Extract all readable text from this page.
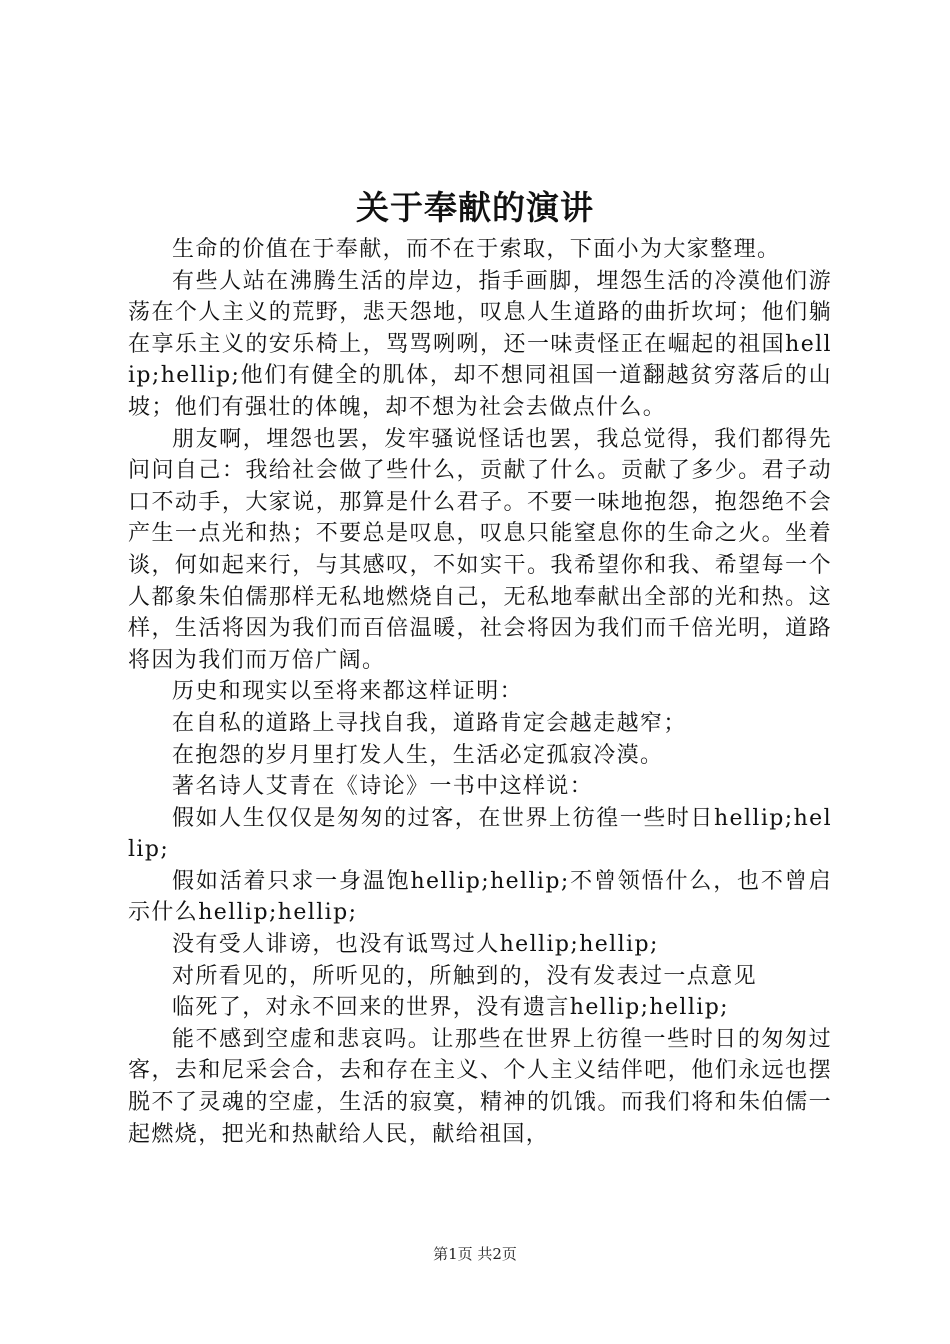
关于奉献的演讲

生命的价值在于奉献，而不在于索取，下面小为大家整理。

有些人站在沸腾生活的岸边，指手画脚，埋怨生活的冷漠他们游荡在个人主义的荒野，悲天怨地，叹息人生道路的曲折坎坷；他们躺在享乐主义的安乐椅上，骂骂咧咧，还一味责怪正在崛起的祖国hellip;hellip;他们有健全的肌体，却不想同祖国一道翻越贫穷落后的山坡；他们有强壮的体魄，却不想为社会去做点什么。

朋友啊，埋怨也罢，发牢骚说怪话也罢，我总觉得，我们都得先问问自己：我给社会做了些什么，贡献了什么。贡献了多少。君子动口不动手，大家说，那算是什么君子。不要一味地抱怨，抱怨绝不会产生一点光和热；不要总是叹息，叹息只能窒息你的生命之火。坐着谈，何如起来行，与其感叹，不如实干。我希望你和我、希望每一个人都象朱伯儒那样无私地燃烧自己，无私地奉献出全部的光和热。这样，生活将因为我们而百倍温暖，社会将因为我们而千倍光明，道路将因为我们而万倍广阔。

历史和现实以至将来都这样证明：

在自私的道路上寻找自我，道路肯定会越走越窄；

在抱怨的岁月里打发人生，生活必定孤寂冷漠。

著名诗人艾青在《诗论》一书中这样说：

假如人生仅仅是匆匆的过客，在世界上彷徨一些时日hellip;hellip;

假如活着只求一身温饱hellip;hellip;不曾领悟什么，也不曾启示什么hellip;hellip;

没有受人诽谤，也没有诋骂过人hellip;hellip;

对所看见的，所听见的，所触到的，没有发表过一点意见

临死了，对永不回来的世界，没有遗言hellip;hellip;

能不感到空虚和悲哀吗。让那些在世界上彷徨一些时日的匆匆过客，去和尼采会合，去和存在主义、个人主义结伴吧，他们永远也摆脱不了灵魂的空虚，生活的寂寞，精神的饥饿。而我们将和朱伯儒一起燃烧，把光和热献给人民，献给祖国，

第1页 共2页
